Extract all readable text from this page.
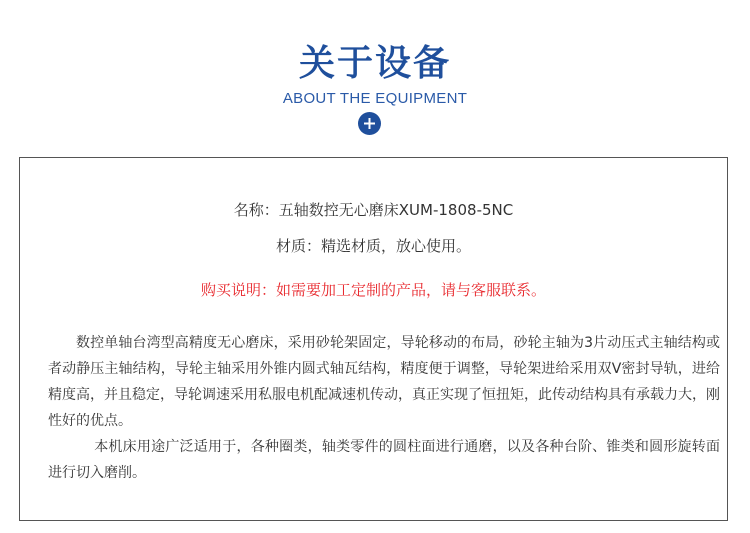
关于设备
ABOUT THE EQUIPMENT
名称：五轴数控无心磨床XUM-1808-5NC
材质：精选材质，放心使用。
购买说明：如需要加工定制的产品，请与客服联系。

数控单轴台湾型高精度无心磨床，采用砂轮架固定，导轮移动的布局，砂轮主轴为3片动压式主轴结构或者动静压主轴结构，导轮主轴采用外锥内圆式轴瓦结构，精度便于调整，导轮架进给采用双V密封导轨，进给精度高，并且稳定，导轮调速采用私服电机配减速机传动，真正实现了恒扭矩，此传动结构具有承载力大，刚性好的优点。

本机床用途广泛适用于，各种圈类，轴类零件的圆柱面进行通磨，以及各种台阶、锥类和圆形旋转面进行切入磨削。
